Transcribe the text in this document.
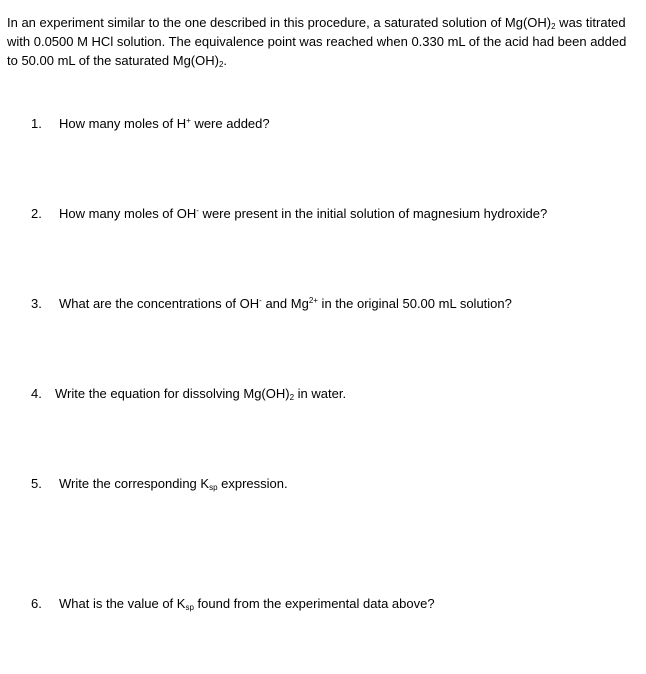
In an experiment similar to the one described in this procedure, a saturated solution of $Mg(OH)_2$ was titrated with 0.0500 M HCl solution. The equivalence point was reached when 0.330 mL of the acid had been added to 50.00 mL of the saturated $Mg(OH)_2$.
1. How many moles of H+ were added?
2. How many moles of OH- were present in the initial solution of magnesium hydroxide?
3. What are the concentrations of OH- and $Mg^{2+}$ in the original 50.00 mL solution?
4. Write the equation for dissolving $Mg(OH)_2$ in water.
5. Write the corresponding $K_{sp}$ expression.
6. What is the value of $K_{sp}$ found from the experimental data above?
